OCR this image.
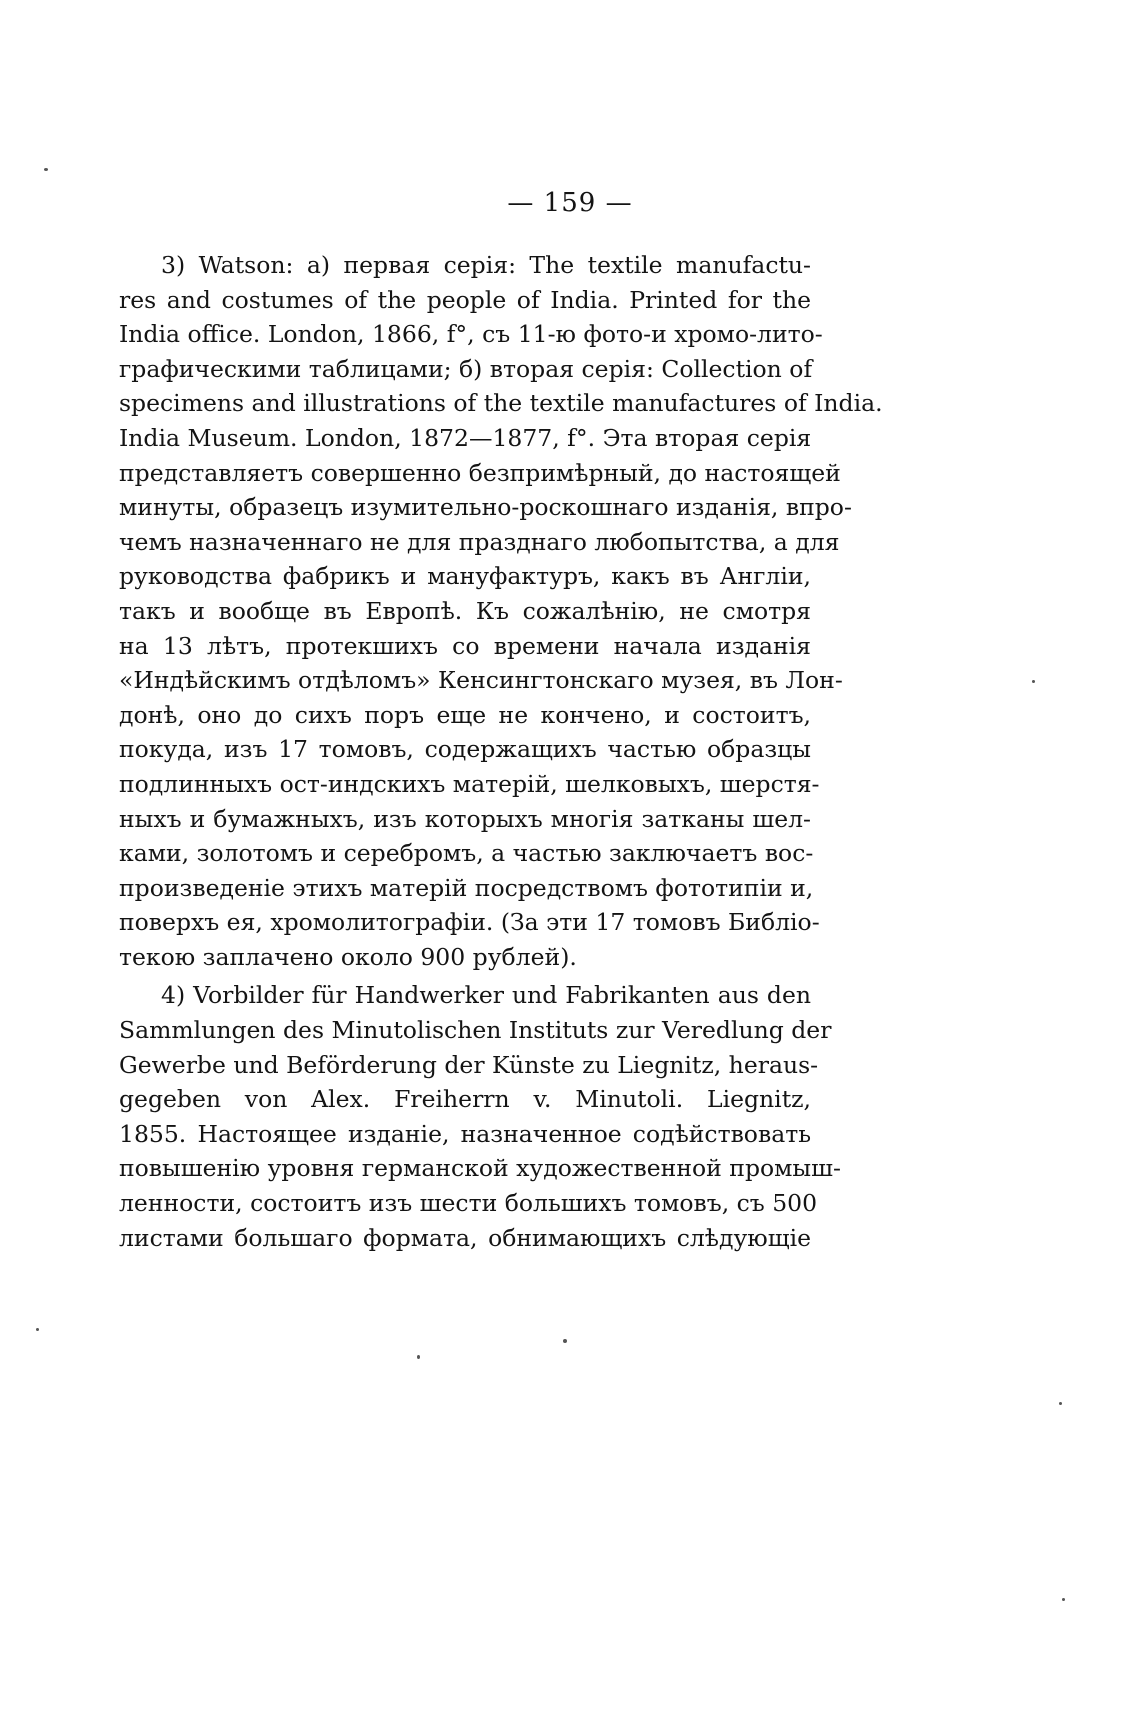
— 159 —
3) Watson: a) первая серія: The textile manufactu-
res and costumes of the people of India. Printed for the
India office. London, 1866, f°, съ 11-ю фото-и хромо-лито-
графическими таблицами; б) вторая серія: Collection of
specimens and illustrations of the textile manufactures of India.
India Museum. London, 1872—1877, f°. Эта вторая серія
представляетъ совершенно безпримѣрный, до настоящей
минуты, образецъ изумительно-роскошнаго изданія, впро-
чемъ назначеннаго не для празднаго любопытства, а для
руководства фабрикъ и мануфактуръ, какъ въ Англіи,
такъ и вообще въ Европѣ. Къ сожалѣнію, не смотря
на 13 лѣтъ, протекшихъ со времени начала изданія
«Индѣйскимъ отдѣломъ» Кенсингтонскаго музея, въ Лон-
донѣ, оно до сихъ поръ еще не кончено, и состоитъ,
покуда, изъ 17 томовъ, содержащихъ частью образцы
подлинныхъ ост-индскихъ матерій, шелковыхъ, шерстя-
ныхъ и бумажныхъ, изъ которыхъ многія затканы шел-
ками, золотомъ и серебромъ, а частью заключаетъ вос-
произведеніе этихъ матерій посредствомъ фототипіи и,
поверхъ ея, хромолитографіи. (За эти 17 томовъ Библіо-
текою заплачено около 900 рублей).
4) Vorbilder für Handwerker und Fabrikanten aus den
Sammlungen des Minutolischen Instituts zur Veredlung der
Gewerbe und Beförderung der Künste zu Liegnitz, heraus-
gegeben von Alex. Freiherrn v. Minutoli. Liegnitz,
1855. Настоящее изданіе, назначенное содѣйствовать
повышенію уровня германской художественной промыш-
ленности, состоитъ изъ шести большихъ томовъ, съ 500
листами большаго формата, обнимающихъ слѣдующіе
